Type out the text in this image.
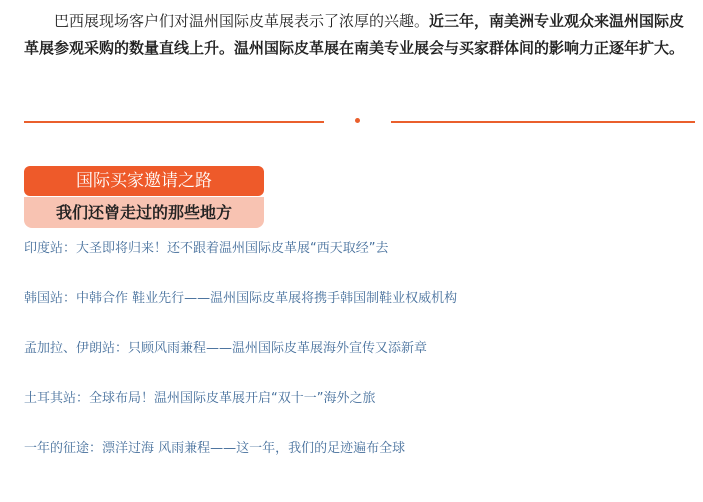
巴西展现场客户们对温州国际皮革展表示了浓厚的兴趣。近三年，南美洲专业观众来温州国际皮革展参观采购的数量直线上升。温州国际皮革展在南美专业展会与买家群体间的影响力正逐年扩大。

国际买家邀请之路
我们还曾走过的那些地方
印度站：大圣即将归来！还不跟着温州国际皮革展“西天取经”去
韩国站：中韩合作 鞋业先行——温州国际皮革展将携手韩国制鞋业权威机构
孟加拉、伊朗站：只顾风雨兼程——温州国际皮革展海外宣传又添新章
土耳其站：全球布局！温州国际皮革展开启“双十一”海外之旅
一年的征途：漂洋过海 风雨兼程——这一年，我们的足迹遍布全球
